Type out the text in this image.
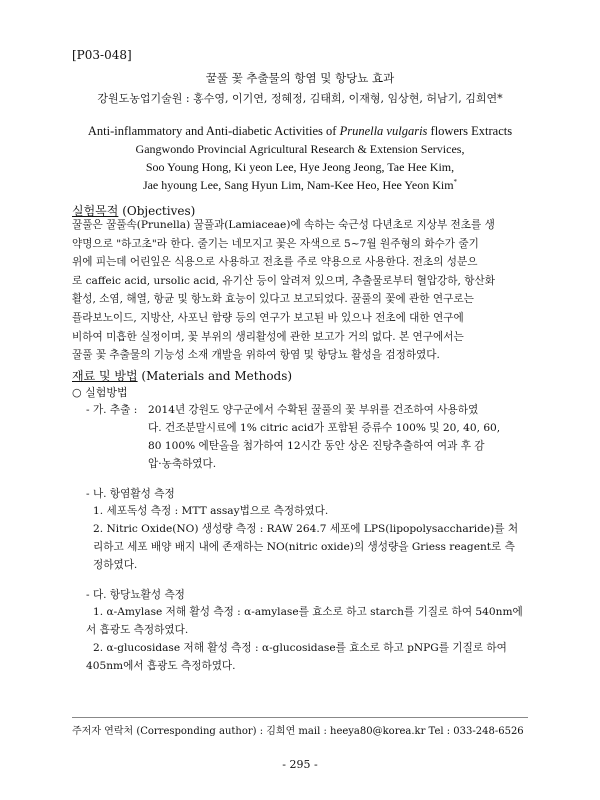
[P03-048]
꿀풀 꽃 추출물의 항염 및 항당뇨 효과
강원도농업기술원 : 홍수영, 이기연, 정혜정, 김태희, 이재형, 임상현, 허남기, 김희연*
Anti-inflammatory and Anti-diabetic Activities of Prunella vulgaris flowers Extracts
Gangwondo Provincial Agricultural Research & Extension Services,
Soo Young Hong, Ki yeon Lee, Hye Jeong Jeong, Tae Hee Kim,
Jae hyoung Lee, Sang Hyun Lim, Nam-Kee Heo, Hee Yeon Kim*
실험목적 (Objectives)
꿀풀은 꿀풀속(Prunella) 꿀풀과(Lamiaceae)에 속하는 숙근성 다년초로 지상부 전초를 생
약명으로 "하고초"라 한다. 줄기는 네모지고 꽃은 자색으로 5~7월 원주형의 화수가 줄기
위에 피는데 어린잎은 식용으로 사용하고 전초를 주로 약용으로 사용한다. 전초의 성분으
로 caffeic acid, ursolic acid, 유기산 등이 알려져 있으며, 추출물로부터 혈압강하, 항산화
활성, 소염, 해열, 항균 및 항노화 효능이 있다고 보고되었다. 꿀풀의 꽃에 관한 연구로는
플라보노이드, 지방산, 사포닌 함량 등의 연구가 보고된 바 있으나 전초에 대한 연구에
비하여 미흡한 실정이며, 꽃 부위의 생리활성에 관한 보고가 거의 없다. 본 연구에서는
꿀풀 꽃 추출물의 기능성 소재 개발을 위하여 항염 및 항당뇨 활성을 검정하였다.
재료 및 방법 (Materials and Methods)
○ 실험방법
- 가. 추출 : 2014년 강원도 양구군에서 수확된 꿀풀의 꽃 부위를 건조하여 사용하였
다. 건조분말시료에 1% citric acid가 포함된 증류수 100% 및 20, 40, 60,
80 100% 에탄올을 첨가하여 12시간 동안 상온 진탕추출하여 여과 후 감
압·농축하였다.
- 나. 항염활성 측정
1. 세포독성 측정 : MTT assay법으로 측정하였다.
2. Nitric Oxide(NO) 생성량 측정 : RAW 264.7 세포에 LPS(lipopolysaccharide)를 처
리하고 세포 배양 배지 내에 존재하는 NO(nitric oxide)의 생성량을 Griess reagent로 측
정하였다.
- 다. 항당뇨활성 측정
1. α-Amylase 저해 활성 측정 : α-amylase를 효소로 하고 starch를 기질로 하여 540nm에
서 흡광도 측정하였다.
2. α-glucosidase 저해 활성 측정 : α-glucosidase를 효소로 하고 pNPG를 기질로 하여
405nm에서 흡광도 측정하였다.
주저자 연락처 (Corresponding author) : 김희연 mail : heeya80@korea.kr Tel : 033-248-6526
- 295 -
